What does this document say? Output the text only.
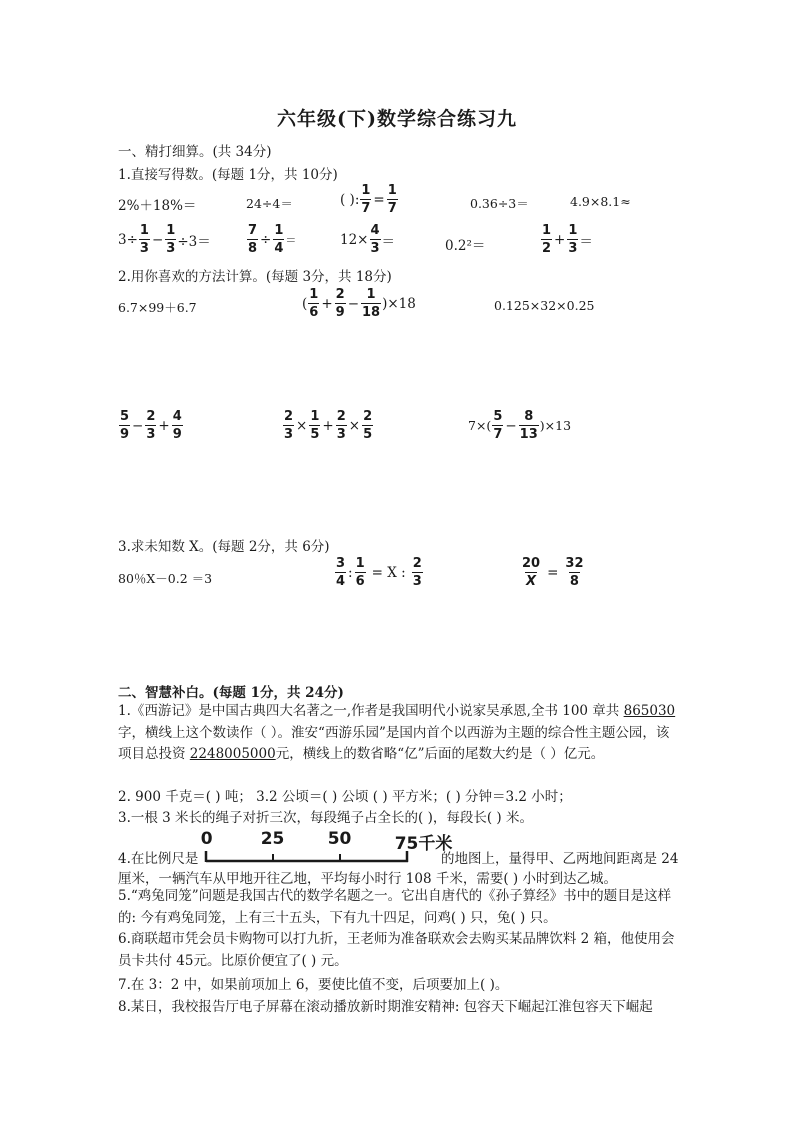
六年级(下)数学综合练习九
一、精打细算。(共 34分)
1.直接写得数。(每题 1分，共 10分)
2%＋18%＝	24÷4＝	( ): $\frac{1}{7} = \frac{1}{7}$	0.36÷3＝	4.9×8.1≈
$3\div \frac{1}{3} - \frac{1}{3} \div 3=$	$\frac{7}{8} \div \frac{1}{4}$ ＝	$12\times \frac{4}{3}$ ＝	0.2²＝	$\frac{1}{2} + \frac{1}{3}$ ＝
2.用你喜欢的方法计算。(每题 3分，共 18分)
6.7×99＋6.7	( $\frac{1}{6} + \frac{2}{9} - \frac{1}{18} )\times 18$	0.125×32×0.25
$\frac{5}{9} - \frac{2}{3} + \frac{4}{9}$	$\frac{2}{3} \times \frac{1}{5} + \frac{2}{3} \times \frac{2}{5}$	$7\times( \frac{5}{7} - \frac{8}{13} )\times 13$
3.求未知数 X。(每题 2分，共 6分)
80％X－0.2 ＝3	$\frac{3}{4}$ : $\frac{1}{6} = X$ : $\frac{2}{3}$	$\frac{20}{X} = \frac{32}{8}$
二、智慧补白。(每题 1分，共 24分)
1.《西游记》是中国古典四大名著之一,作者是我国明代小说家吴承恩,全书 100 章共 865030字，横线上这个数读作（ ）。淮安“西游乐园”是国内首个以西游为主题的综合性主题公园，该项目总投资 2248005000元，横线上的数省略“亿”后面的尾数大约是（ ）亿元。
2. 900 千克＝( ) 吨； 3.2 公顷＝( ) 公顷 ( ) 平方米；( ) 分钟＝3.2 小时；
3.一根 3 米长的绳子对折三次，每段绳子占全长的( )，每段长( ) 米。
4.在比例尺是
0	25	50	75千米
的地图上，量得甲、乙两地间距离是 24
厘米，一辆汽车从甲地开往乙地，平均每小时行 108 千米，需要( ) 小时到达乙城。
5.“鸡兔同笼”问题是我国古代的数学名题之一。它出自唐代的《孙子算经》书中的题目是这样的: 今有鸡兔同笼，上有三十五头，下有九十四足，问鸡( ) 只，兔( ) 只。
6.商联超市凭会员卡购物可以打九折，王老师为准备联欢会去购买某品牌饮料 2 箱，他使用会员卡共付 45元。比原价便宜了( ) 元。
7.在 3：2 中，如果前项加上 6，要使比值不变，后项要加上( )。
8.某日，我校报告厅电子屏幕在滚动播放新时期淮安精神: 包容天下崛起江淮包容天下崛起
